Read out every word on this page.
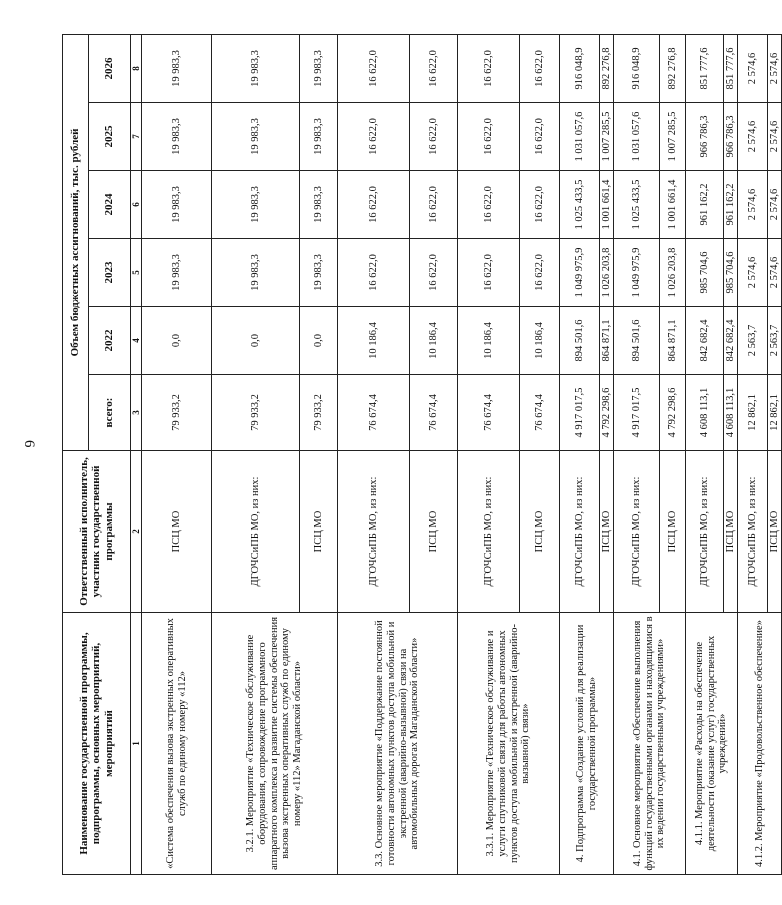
6
Наименование государственной программы, подпрограммы, основных мероприятий, мероприятий	Ответственный исполнитель, участник государственной программы	Объем бюджетных ассигнований, тыс. рублей					
		всего:	2022	2023	2024	2025	2026
1	2	3	4	5	6	7	8
«Система обеспечения вызова экстренных оперативных служб по единому номеру «112»	ПСЦ МО	79 933,2	0,0	19 983,3	19 983,3	19 983,3	19 983,3
3.2.1. Мероприятие «Техническое обслуживание оборудования, сопровождение программного аппаратного комплекса и развитие системы обеспечения вызова экстренных оперативных служб по единому номеру «112» Магаданской области»	ДГОЧСиПБ МО, из них:	79 933,2	0,0	19 983,3	19 983,3	19 983,3	19 983,3
	ПСЦ МО	79 933,2	0,0	19 983,3	19 983,3	19 983,3	19 983,3
3.3. Основное мероприятие «Поддержание постоянной готовности автономных пунктов доступа мобильной и экстренной (аварийно-вызывной) связи на автомобильных дорогах Магаданской области»	ДГОЧСиПБ МО, из них:	76 674,4	10 186,4	16 622,0	16 622,0	16 622,0	16 622,0
	ПСЦ МО	76 674,4	10 186,4	16 622,0	16 622,0	16 622,0	16 622,0
3.3.1. Мероприятие «Техническое обслуживание и услуги спутниковой связи для работы автономных пунктов доступа мобильной и экстренной (аварийно-вызывной) связи»	ДГОЧСиПБ МО, из них:	76 674,4	10 186,4	16 622,0	16 622,0	16 622,0	16 622,0
	ПСЦ МО	76 674,4	10 186,4	16 622,0	16 622,0	16 622,0	16 622,0
4. Подпрограмма «Создание условий для реализации государственной программы»	ДГОЧСиПБ МО, из них:	4 917 017,5	894 501,6	1 049 975,9	1 025 433,5	1 031 057,6	916 048,9
	ПСЦ МО	4 792 298,6	864 871,1	1 026 203,8	1 001 661,4	1 007 285,5	892 276,8
4.1. Основное мероприятие «Обеспечение выполнения функций государственными органами и находящимися в их ведении государственными учреждениями»	ДГОЧСиПБ МО, из них:	4 917 017,5	894 501,6	1 049 975,9	1 025 433,5	1 031 057,6	916 048,9
	ПСЦ МО	4 792 298,6	864 871,1	1 026 203,8	1 001 661,4	1 007 285,5	892 276,8
4.1.1. Мероприятие «Расходы на обеспечение деятельности (оказание услуг) государственных учреждений»	ДГОЧСиПБ МО, из них:	4 608 113,1	842 682,4	985 704,6	961 162,2	966 786,3	851 777,6
	ПСЦ МО	4 608 113,1	842 682,4	985 704,6	961 162,2	966 786,3	851 777,6
4.1.2. Мероприятие «Продовольственное обеспечение»	ДГОЧСиПБ МО, из них:	12 862,1	2 563,7	2 574,6	2 574,6	2 574,6	2 574,6
	ПСЦ МО	12 862,1	2 563,7	2 574,6	2 574,6	2 574,6	2 574,6
